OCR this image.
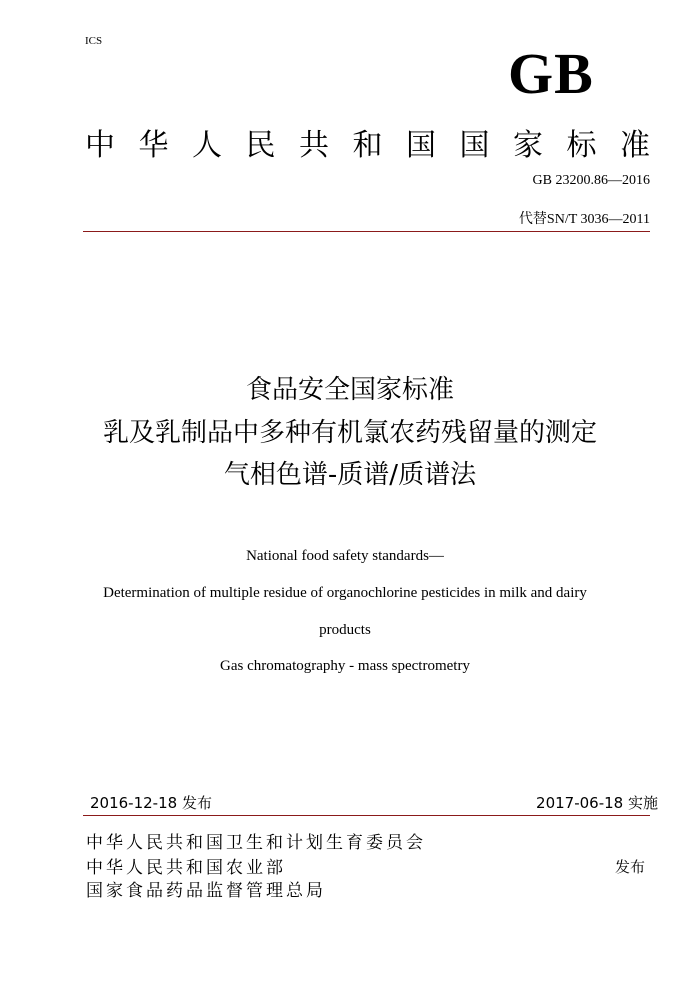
ICS	GB
中 华 人 民 共 和 国 国 家 标 准
GB 23200.86—2016
代替SN/T 3036—2011
食品安全国家标准
乳及乳制品中多种有机氯农药残留量的测定
气相色谱-质谱/质谱法
National food safety standards—
Determination of multiple residue of organochlorine pesticides in milk and dairy
products
Gas chromatography - mass spectrometry
2016-12-18 发布	2017-06-18 实施
中华人民共和国卫生和计划生育委员会
中华人民共和国农业部
国家食品药品监督管理总局
发布
